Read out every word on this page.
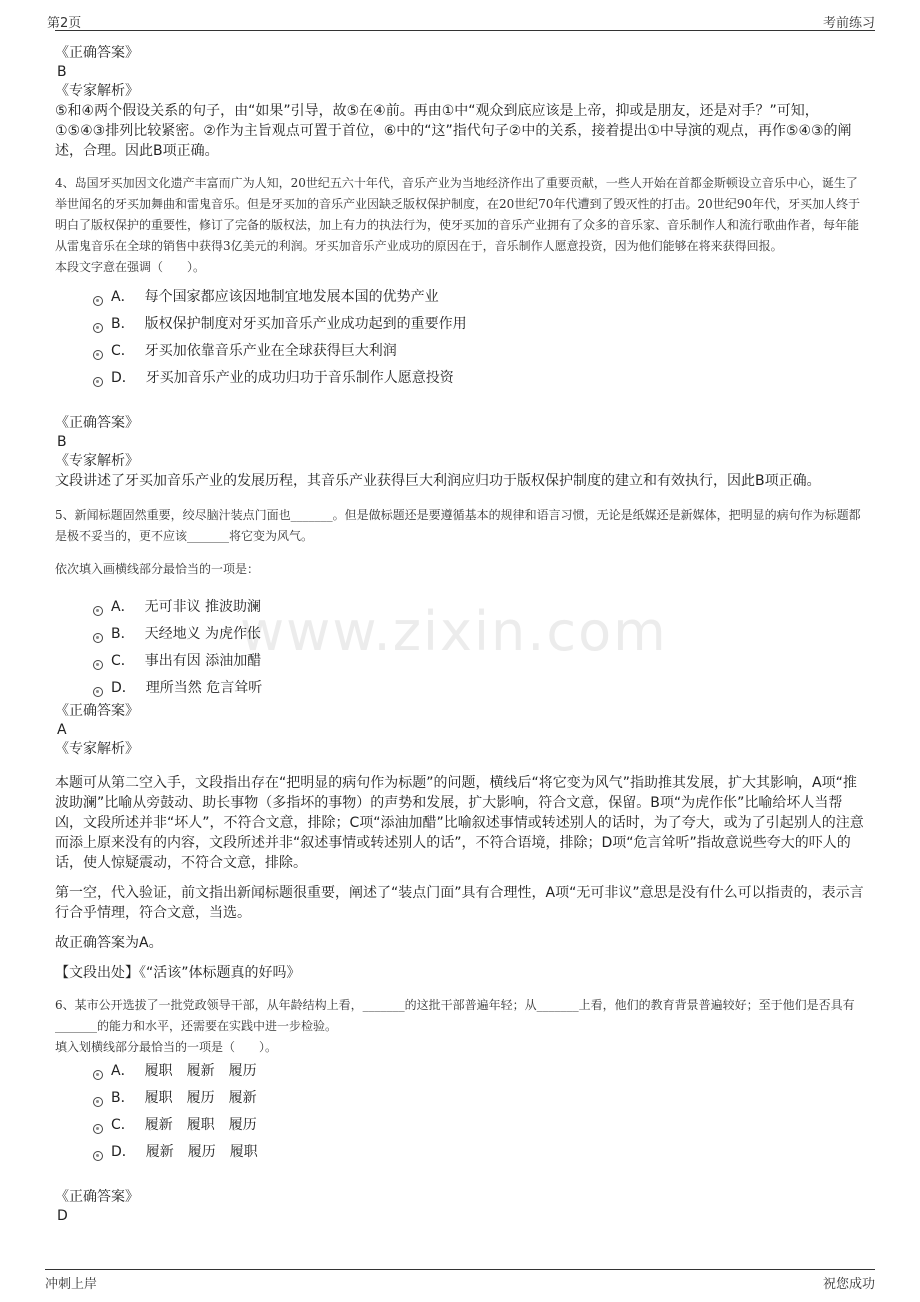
第2页	考前练习
www.zixin.com
《正确答案》
B
《专家解析》
⑤和④两个假设关系的句子，由“如果”引导，故⑤在④前。再由①中“观众到底应该是上帝，抑或是朋友，还是对手？”可知，①⑤④③排列比较紧密。②作为主旨观点可置于首位，⑥中的“这”指代句子②中的关系，接着提出①中导演的观点，再作⑤④③的阐述，合理。因此B项正确。
4、岛国牙买加因文化遗产丰富而广为人知，20世纪五六十年代，音乐产业为当地经济作出了重要贡献，一些人开始在首都金斯顿设立音乐中心，诞生了举世闻名的牙买加舞曲和雷鬼音乐。但是牙买加的音乐产业因缺乏版权保护制度，在20世纪70年代遭到了毁灭性的打击。20世纪90年代，牙买加人终于明白了版权保护的重要性，修订了完备的版权法，加上有力的执法行为，使牙买加的音乐产业拥有了众多的音乐家、音乐制作人和流行歌曲作者，每年能从雷鬼音乐在全球的销售中获得3亿美元的利润。牙买加音乐产业成功的原因在于，音乐制作人愿意投资，因为他们能够在将来获得回报。
本段文字意在强调（　　）。
A． 每个国家都应该因地制宜地发展本国的优势产业
B． 版权保护制度对牙买加音乐产业成功起到的重要作用
C． 牙买加依靠音乐产业在全球获得巨大利润
D． 牙买加音乐产业的成功归功于音乐制作人愿意投资
《正确答案》
B
《专家解析》
文段讲述了牙买加音乐产业的发展历程，其音乐产业获得巨大利润应归功于版权保护制度的建立和有效执行，因此B项正确。
5、新闻标题固然重要，绞尽脑汁装点门面也_______。但是做标题还是要遵循基本的规律和语言习惯，无论是纸媒还是新媒体，把明显的病句作为标题都是极不妥当的，更不应该_______将它变为风气。
依次填入画横线部分最恰当的一项是：
A． 无可非议 推波助澜
B． 天经地义 为虎作伥
C． 事出有因 添油加醋
D． 理所当然 危言耸听
《正确答案》
A
《专家解析》
本题可从第二空入手，文段指出存在“把明显的病句作为标题”的问题，横线后“将它变为风气”指助推其发展，扩大其影响，A项“推波助澜”比喻从旁鼓动、助长事物（多指坏的事物）的声势和发展，扩大影响，符合文意，保留。B项“为虎作伥”比喻给坏人当帮凶，文段所述并非“坏人”，不符合文意，排除；C项“添油加醋”比喻叙述事情或转述别人的话时，为了夸大，或为了引起别人的注意而添上原来没有的内容，文段所述并非“叙述事情或转述别人的话”，不符合语境，排除；D项“危言耸听”指故意说些夸大的吓人的话，使人惊疑震动，不符合文意，排除。
第一空，代入验证，前文指出新闻标题很重要，阐述了“装点门面”具有合理性，A项“无可非议”意思是没有什么可以指责的，表示言行合乎情理，符合文意，当选。
故正确答案为A。
【文段出处】《“活该”体标题真的好吗》
6、某市公开选拔了一批党政领导干部，从年龄结构上看，_______的这批干部普遍年轻；从_______上看，他们的教育背景普遍较好；至于他们是否具有_______的能力和水平，还需要在实践中进一步检验。
填入划横线部分最恰当的一项是（　　）。
A． 履职　履新　履历
B． 履职　履历　履新
C． 履新　履职　履历
D． 履新　履历　履职
《正确答案》
D
冲刺上岸	祝您成功
